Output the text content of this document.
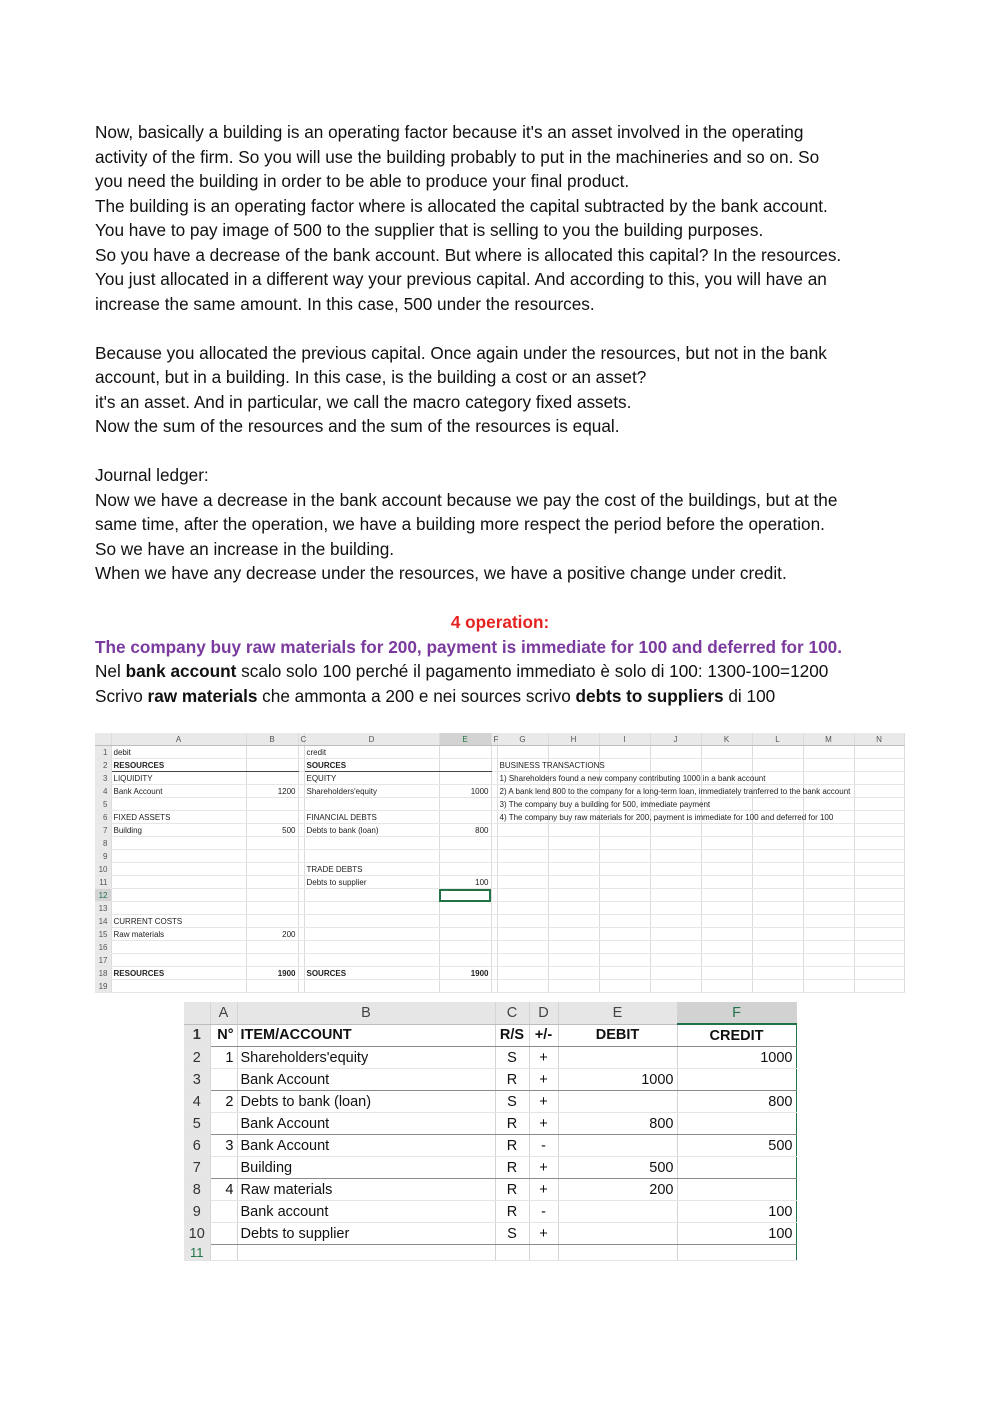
Now, basically a building is an operating factor because it's an asset involved in the operating
activity of the firm. So you will use the building probably to put in the machineries and so on. So
you need the building in order to be able to produce your final product.
The building is an operating factor where is allocated the capital subtracted by the bank account.
You have to pay image of 500 to the supplier that is selling to you the building purposes.
So you have a decrease of the bank account. But where is allocated this capital? In the resources.
You just allocated in a different way your previous capital. And according to this, you will have an
increase the same amount. In this case, 500 under the resources.

Because you allocated the previous capital. Once again under the resources, but not in the bank
account, but in a building. In this case, is the building a cost or an asset?
it's an asset. And in particular, we call the macro category fixed assets.
Now the sum of the resources and the sum of the resources is equal.

Journal ledger:
Now we have a decrease in the bank account because we pay the cost of the buildings, but at the
same time, after the operation, we have a building more respect the period before the operation.
So we have an increase in the building.
When we have any decrease under the resources, we have a positive change under credit.

4 operation:
The company buy raw materials for 200, payment is immediate for 100 and deferred for 100.
Nel bank account scalo solo 100 perché il pagamento immediato è solo di 100: 1300-100=1200
Scrivo raw materials che ammonta a 200 e nei sources scrivo debts to suppliers di 100

	A	B	C	D	E	F	G	H	I	J	K	L	M	N
1	debit			credit										
2	RESOURCES			SOURCES			BUSINESS TRANSACTIONS							
3	LIQUIDITY			EQUITY			1) Shareholders found a new company contributing 1000 in a bank account							
4	Bank Account	1200		Shareholders'equity	1000		2) A bank lend 800 to the company for a long-term loan, immediately tranferred to the bank account							
5							3) The company buy a building for 500, immediate payment							
6	FIXED ASSETS			FINANCIAL DEBTS			4) The company buy raw materials for 200, payment is immediate for 100 and deferred for 100							
7	Building	500		Debts to bank (loan)	800									
8														
9														
10				TRADE DEBTS										
11				Debts to supplier	100									
12														
13														
14	CURRENT COSTS													
15	Raw materials	200												
16														
17														
18	RESOURCES	1900		SOURCES	1900									
19														
	A	B	C	D	E	F	
1	N°	ITEM/ACCOUNT	R/S	+/-	DEBIT	CREDIT	
2	1	Shareholders'equity	S	+		1000	
3		Bank Account	R	+	1000		
4	2	Debts to bank (loan)	S	+		800	
5		Bank Account	R	+	800		
6	3	Bank Account	R	-		500	
7		Building	R	+	500		
8	4	Raw materials	R	+	200		
9		Bank account	R	-		100	
10		Debts to supplier	S	+		100	
11							
